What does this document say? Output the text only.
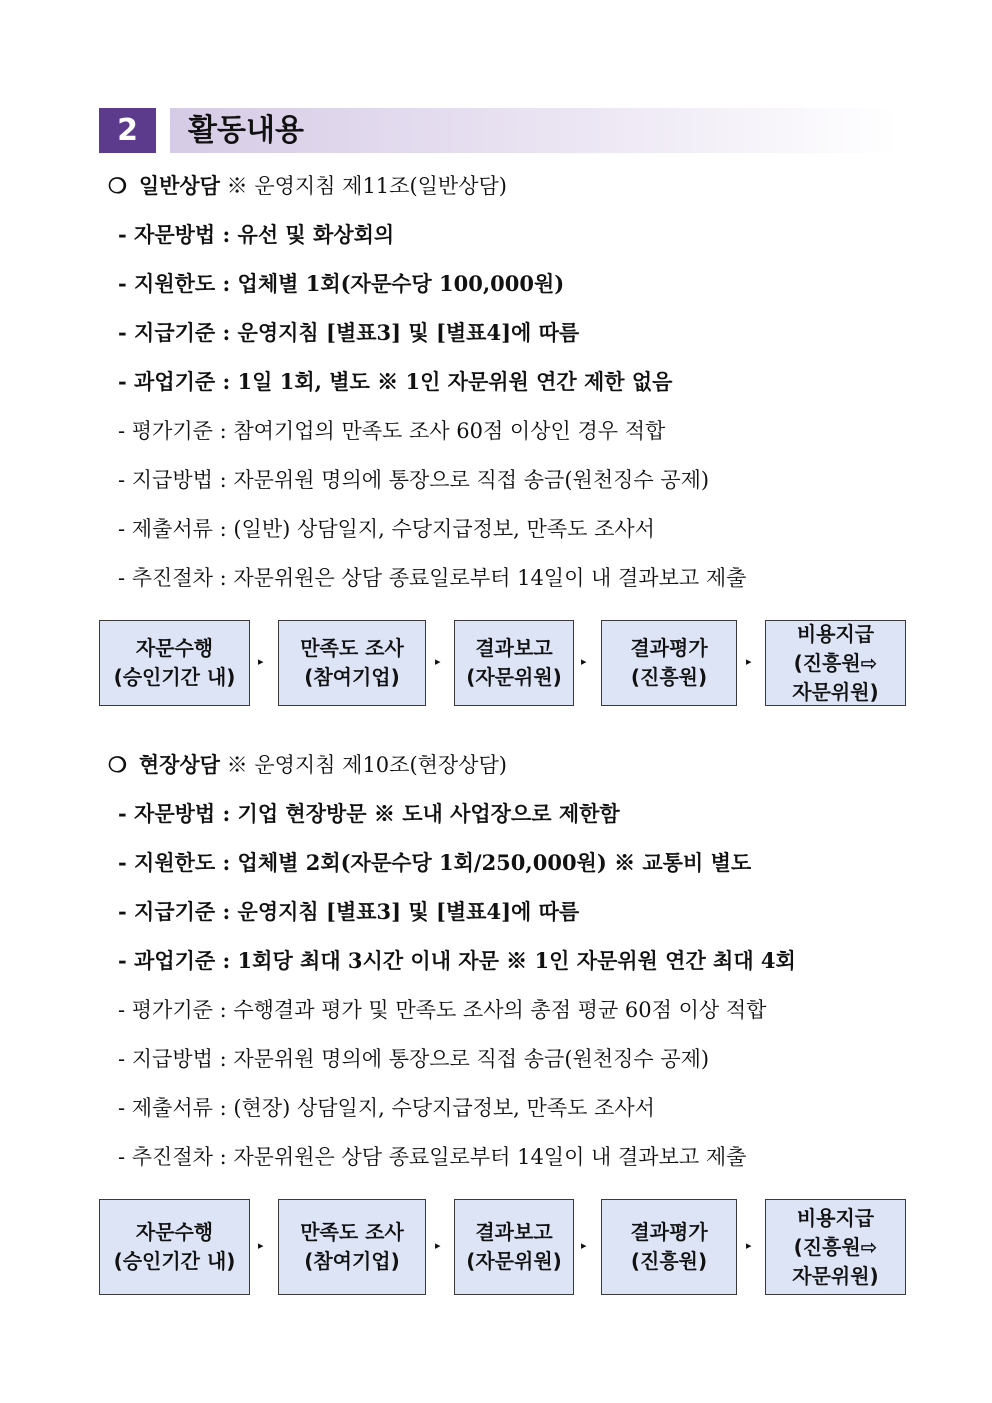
2	활동내용
❍ 일반상담 ※ 운영지침 제11조(일반상담)
- 자문방법 : 유선 및 화상회의
- 지원한도 : 업체별 1회(자문수당 100,000원)
- 지급기준 : 운영지침 [별표3] 및 [별표4]에 따름
- 과업기준 : 1일 1회, 별도 ※ 1인 자문위원 연간 제한 없음
- 평가기준 : 참여기업의 만족도 조사 60점 이상인 경우 적합
- 지급방법 : 자문위원 명의에 통장으로 직접 송금(원천징수 공제)
- 제출서류 : (일반) 상담일지, 수당지급정보, 만족도 조사서
- 추진절차 : 자문위원은 상담 종료일로부터 14일이 내 결과보고 제출
자문수행
(승인기간 내)
▸
만족도 조사
(참여기업)
▸
결과보고
(자문위원)
▸
결과평가
(진흥원)
▸
비용지급
(진흥원⇨
자문위원)
❍ 현장상담 ※ 운영지침 제10조(현장상담)
- 자문방법 : 기업 현장방문 ※ 도내 사업장으로 제한함
- 지원한도 : 업체별 2회(자문수당 1회/250,000원) ※ 교통비 별도
- 지급기준 : 운영지침 [별표3] 및 [별표4]에 따름
- 과업기준 : 1회당 최대 3시간 이내 자문 ※ 1인 자문위원 연간 최대 4회
- 평가기준 : 수행결과 평가 및 만족도 조사의 총점 평균 60점 이상 적합
- 지급방법 : 자문위원 명의에 통장으로 직접 송금(원천징수 공제)
- 제출서류 : (현장) 상담일지, 수당지급정보, 만족도 조사서
- 추진절차 : 자문위원은 상담 종료일로부터 14일이 내 결과보고 제출
자문수행
(승인기간 내)
▸
만족도 조사
(참여기업)
▸
결과보고
(자문위원)
▸
결과평가
(진흥원)
▸
비용지급
(진흥원⇨
자문위원)
